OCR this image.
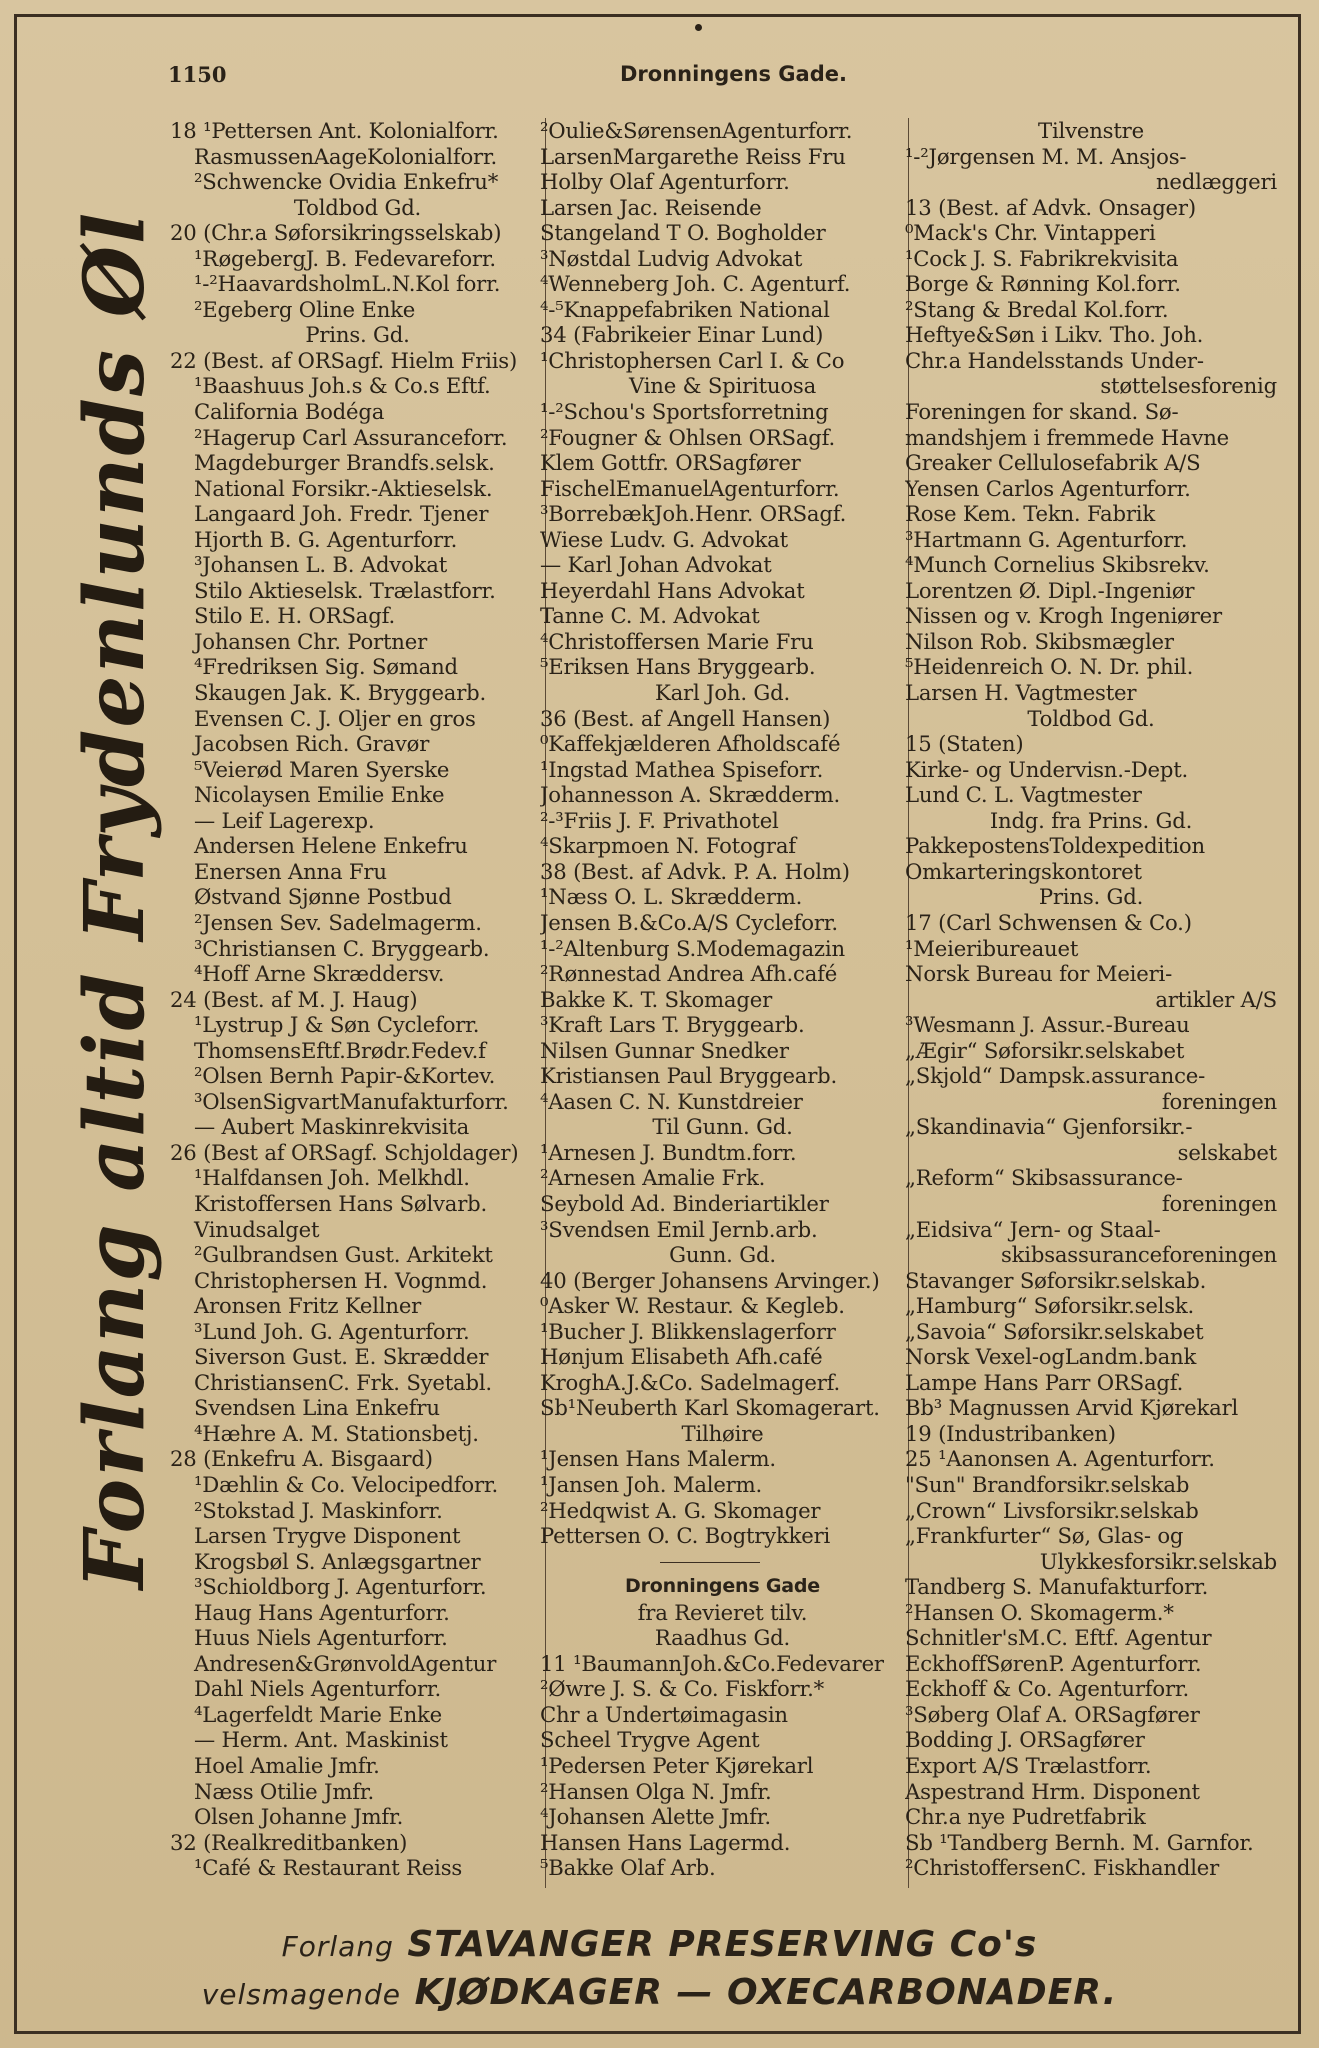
1150	Dronningens Gade.
Forlang altid Frydenlunds Øl
18 ¹Pettersen Ant. Kolonialforr.
RasmussenAageKolonialforr.
²Schwencke Ovidia Enkefru*
Toldbod Gd.
20 (Chr.a Søforsikringsselskab)
¹RøgebergJ. B. Fedevareforr.
¹-²HaavardsholmL.N.Kol forr.
²Egeberg Oline Enke
Prins. Gd.
22 (Best. af ORSagf. Hielm Friis)
¹Baashuus Joh.s & Co.s Eftf.
California Bodéga
²Hagerup Carl Assuranceforr.
Magdeburger Brandfs.selsk.
National Forsikr.-Aktieselsk.
Langaard Joh. Fredr. Tjener
Hjorth B. G. Agenturforr.
³Johansen L. B. Advokat
Stilo Aktieselsk. Trælastforr.
Stilo E. H. ORSagf.
Johansen Chr. Portner
⁴Fredriksen Sig. Sømand
Skaugen Jak. K. Bryggearb.
Evensen C. J. Oljer en gros
Jacobsen Rich. Gravør
⁵Veierød Maren Syerske
Nicolaysen Emilie Enke
— Leif Lagerexp.
Andersen Helene Enkefru
Enersen Anna Fru
Østvand Sjønne Postbud
²Jensen Sev. Sadelmagerm.
³Christiansen C. Bryggearb.
⁴Hoff Arne Skræddersv.
24 (Best. af M. J. Haug)
¹Lystrup J & Søn Cycleforr.
ThomsensEftf.Brødr.Fedev.f
²Olsen Bernh Papir-&Kortev.
³OlsenSigvartManufakturforr.
— Aubert Maskinrekvisita
26 (Best af ORSagf. Schjoldager)
¹Halfdansen Joh. Melkhdl.
Kristoffersen Hans Sølvarb.
Vinudsalget
²Gulbrandsen Gust. Arkitekt
Christophersen H. Vognmd.
Aronsen Fritz Kellner
³Lund Joh. G. Agenturforr.
Siverson Gust. E. Skrædder
ChristiansenC. Frk. Syetabl.
Svendsen Lina Enkefru
⁴Hæhre A. M. Stationsbetj.
28 (Enkefru A. Bisgaard)
¹Dæhlin & Co. Velocipedforr.
²Stokstad J. Maskinforr.
Larsen Trygve Disponent
Krogsbøl S. Anlægsgartner
³Schioldborg J. Agenturforr.
Haug Hans Agenturforr.
Huus Niels Agenturforr.
Andresen&GrønvoldAgentur
Dahl Niels Agenturforr.
⁴Lagerfeldt Marie Enke
— Herm. Ant. Maskinist
Hoel Amalie Jmfr.
Næss Otilie Jmfr.
Olsen Johanne Jmfr.
32 (Realkreditbanken)
¹Café & Restaurant Reiss
²Oulie&SørensenAgenturforr.
LarsenMargarethe Reiss Fru
Holby Olaf Agenturforr.
Larsen Jac. Reisende
Stangeland T O. Bogholder
³Nøstdal Ludvig Advokat
⁴Wenneberg Joh. C. Agenturf.
⁴-⁵Knappefabriken National
34 (Fabrikeier Einar Lund)
¹Christophersen Carl I. & Co
Vine & Spirituosa
¹-²Schou's Sportsforretning
²Fougner & Ohlsen ORSagf.
Klem Gottfr. ORSagfører
FischelEmanuelAgenturforr.
³BorrebækJoh.Henr. ORSagf.
Wiese Ludv. G. Advokat
— Karl Johan Advokat
Heyerdahl Hans Advokat
Tanne C. M. Advokat
⁴Christoffersen Marie Fru
⁵Eriksen Hans Bryggearb.
Karl Joh. Gd.
36 (Best. af Angell Hansen)
⁰Kaffekjælderen Afholdscafé
¹Ingstad Mathea Spiseforr.
Johannesson A. Skrædderm.
²-³Friis J. F. Privathotel
⁴Skarpmoen N. Fotograf
38 (Best. af Advk. P. A. Holm)
¹Næss O. L. Skrædderm.
Jensen B.&Co.A/S Cycleforr.
¹-²Altenburg S.Modemagazin
²Rønnestad Andrea Afh.café
Bakke K. T. Skomager
³Kraft Lars T. Bryggearb.
Nilsen Gunnar Snedker
Kristiansen Paul Bryggearb.
⁴Aasen C. N. Kunstdreier
Til Gunn. Gd.
¹Arnesen J. Bundtm.forr.
²Arnesen Amalie Frk.
Seybold Ad. Binderiartikler
³Svendsen Emil Jernb.arb.
Gunn. Gd.
40 (Berger Johansens Arvinger.)
⁰Asker W. Restaur. & Kegleb.
¹Bucher J. Blikkenslagerforr
Hønjum Elisabeth Afh.café
KroghA.J.&Co. Sadelmagerf.
Sb¹Neuberth Karl Skomagerart.
Tilhøire
¹Jensen Hans Malerm.
¹Jansen Joh. Malerm.
²Hedqwist A. G. Skomager
Pettersen O. C. Bogtrykkeri
Dronningens Gade
fra Revieret tilv.
Raadhus Gd.
11 ¹BaumannJoh.&Co.Fedevarer
²Øwre J. S. & Co. Fiskforr.*
Chr a Undertøimagasin
Scheel Trygve Agent
¹Pedersen Peter Kjørekarl
²Hansen Olga N. Jmfr.
⁴Johansen Alette Jmfr.
Hansen Hans Lagermd.
⁵Bakke Olaf Arb.
Tilvenstre
¹-²Jørgensen M. M. Ansjos-
nedlæggeri
13 (Best. af Advk. Onsager)
⁰Mack's Chr. Vintapperi
¹Cock J. S. Fabrikrekvisita
Borge & Rønning Kol.forr.
²Stang & Bredal Kol.forr.
Heftye&Søn i Likv. Tho. Joh.
Chr.a Handelsstands Under-
støttelsesforenig
Foreningen for skand. Sø-
mandshjem i fremmede Havne
Greaker Cellulosefabrik A/S
Yensen Carlos Agenturforr.
Rose Kem. Tekn. Fabrik
³Hartmann G. Agenturforr.
⁴Munch Cornelius Skibsrekv.
Lorentzen Ø. Dipl.-Ingeniør
Nissen og v. Krogh Ingeniører
Nilson Rob. Skibsmægler
⁵Heidenreich O. N. Dr. phil.
Larsen H. Vagtmester
Toldbod Gd.
15 (Staten)
Kirke- og Undervisn.-Dept.
Lund C. L. Vagtmester
Indg. fra Prins. Gd.
PakkepostensToldexpedition
Omkarteringskontoret
Prins. Gd.
17 (Carl Schwensen & Co.)
¹Meieribureauet
Norsk Bureau for Meieri-
artikler A/S
³Wesmann J. Assur.-Bureau
„Ægir“ Søforsikr.selskabet
„Skjold“ Dampsk.assurance-
foreningen
„Skandinavia“ Gjenforsikr.-
selskabet
„Reform“ Skibsassurance-
foreningen
„Eidsiva“ Jern- og Staal-
skibsassuranceforeningen
Stavanger Søforsikr.selskab.
„Hamburg“ Søforsikr.selsk.
„Savoia“ Søforsikr.selskabet
Norsk Vexel-ogLandm.bank
Lampe Hans Parr ORSagf.
Bb³ Magnussen Arvid Kjørekarl
19 (Industribanken)
25 ¹Aanonsen A. Agenturforr.
"Sun" Brandforsikr.selskab
„Crown“ Livsforsikr.selskab
„Frankfurter“ Sø, Glas- og
Ulykkesforsikr.selskab
Tandberg S. Manufakturforr.
²Hansen O. Skomagerm.*
Schnitler'sM.C. Eftf. Agentur
EckhoffSørenP. Agenturforr.
Eckhoff & Co. Agenturforr.
³Søberg Olaf A. ORSagfører
Bodding J. ORSagfører
Export A/S Trælastforr.
Aspestrand Hrm. Disponent
Chr.a nye Pudretfabrik
Sb ¹Tandberg Bernh. M. Garnfor.
²ChristoffersenC. Fiskhandler
Forlang STAVANGER PRESERVING Co's
velsmagende KJØDKAGER — OXECARBONADER.
